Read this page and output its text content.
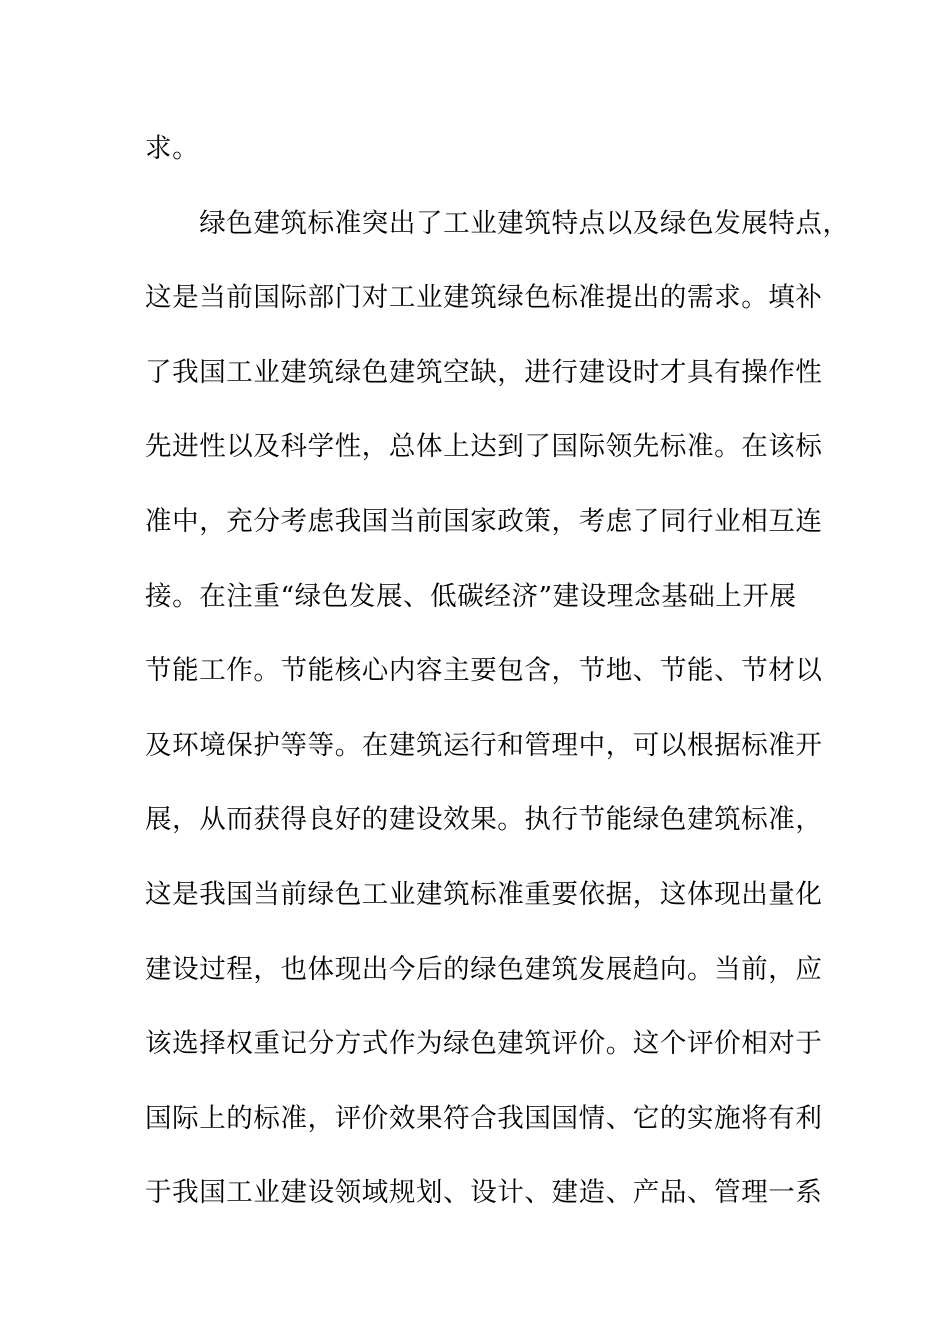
求。
　　绿色建筑标准突出了工业建筑特点以及绿色发展特点，
这是当前国际部门对工业建筑绿色标准提出的需求。填补
了我国工业建筑绿色建筑空缺，进行建设时才具有操作性
先进性以及科学性，总体上达到了国际领先标准。在该标
准中，充分考虑我国当前国家政策，考虑了同行业相互连
接。在注重“绿色发展、低碳经济”建设理念基础上开展
节能工作。节能核心内容主要包含，节地、节能、节材以
及环境保护等等。在建筑运行和管理中，可以根据标准开
展，从而获得良好的建设效果。执行节能绿色建筑标准，
这是我国当前绿色工业建筑标准重要依据，这体现出量化
建设过程，也体现出今后的绿色建筑发展趋向。当前，应
该选择权重记分方式作为绿色建筑评价。这个评价相对于
国际上的标准，评价效果符合我国国情、它的实施将有利
于我国工业建设领域规划、设计、建造、产品、管理一系
